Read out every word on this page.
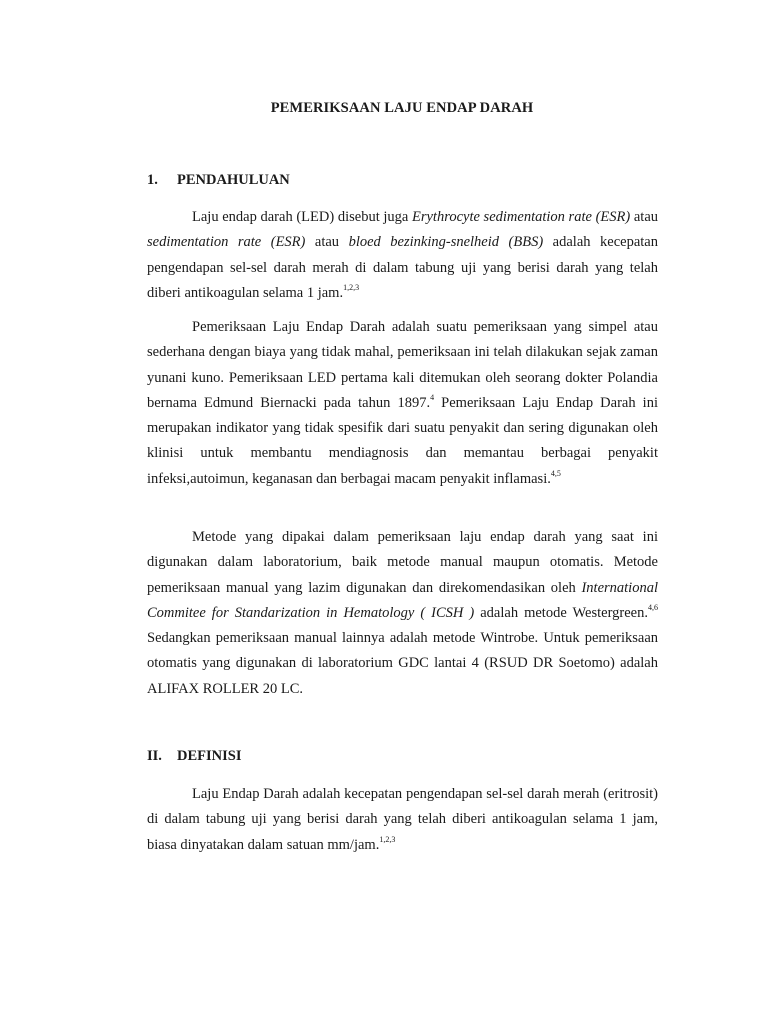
PEMERIKSAAN LAJU ENDAP DARAH
1. PENDAHULUAN

Laju endap darah (LED) disebut juga Erythrocyte sedimentation rate (ESR) atau sedimentation rate (ESR) atau bloed bezinking-snelheid (BBS) adalah kecepatan pengendapan sel-sel darah merah di dalam tabung uji yang berisi darah yang telah diberi antikoagulan selama 1 jam.$^{1,2,3}$

Pemeriksaan Laju Endap Darah adalah suatu pemeriksaan yang simpel atau sederhana dengan biaya yang tidak mahal, pemeriksaan ini telah dilakukan sejak zaman yunani kuno. Pemeriksaan LED pertama kali ditemukan oleh seorang dokter Polandia bernama Edmund Biernacki pada tahun 1897.$^4$ Pemeriksaan Laju Endap Darah ini merupakan indikator yang tidak spesifik dari suatu penyakit dan sering digunakan oleh klinisi untuk membantu mendiagnosis dan memantau berbagai penyakit infeksi,autoimun, keganasan dan berbagai macam penyakit inflamasi.$^{4,5}$

Metode yang dipakai dalam pemeriksaan laju endap darah yang saat ini digunakan dalam laboratorium, baik metode manual maupun otomatis. Metode pemeriksaan manual yang lazim digunakan dan direkomendasikan oleh International Commitee for Standarization in Hematology ( ICSH ) adalah metode Westergreen.$^{4,6}$ Sedangkan pemeriksaan manual lainnya adalah metode Wintrobe. Untuk pemeriksaan otomatis yang digunakan di laboratorium GDC lantai 4 (RSUD DR Soetomo) adalah ALIFAX ROLLER 20 LC.

II. DEFINISI

Laju Endap Darah adalah kecepatan pengendapan sel-sel darah merah (eritrosit) di dalam tabung uji yang berisi darah yang telah diberi antikoagulan selama 1 jam, biasa dinyatakan dalam satuan mm/jam.$^{1,2,3}$
